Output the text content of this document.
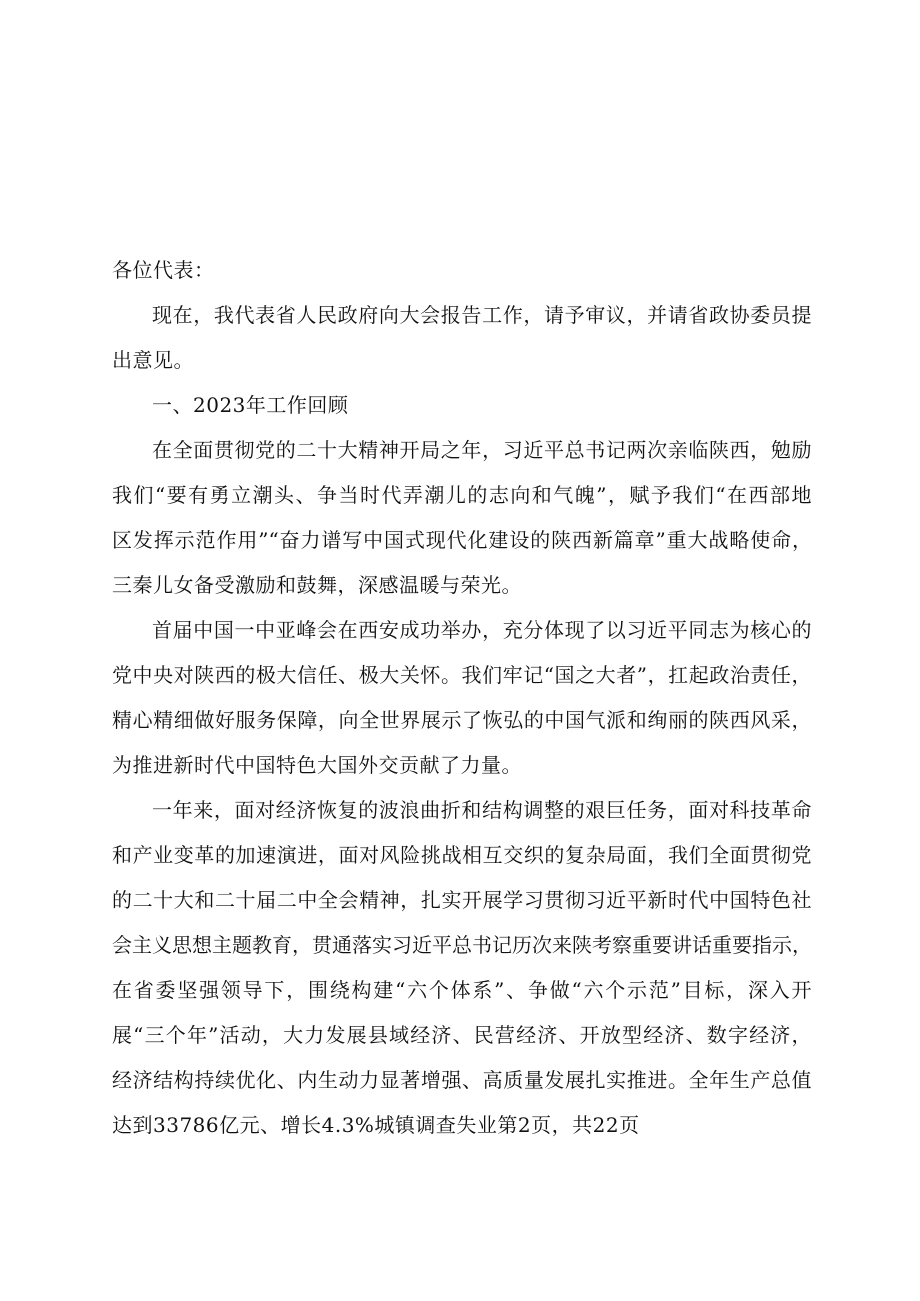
各位代表：
现在，我代表省人民政府向大会报告工作，请予审议，并请省政协委员提
出意见。
一、2023年工作回顾
在全面贯彻党的二十大精神开局之年，习近平总书记两次亲临陕西，勉励
我们“要有勇立潮头、争当时代弄潮儿的志向和气魄”，赋予我们“在西部地
区发挥示范作用”“奋力谱写中国式现代化建设的陕西新篇章”重大战略使命，
三秦儿女备受激励和鼓舞，深感温暖与荣光。
首届中国一中亚峰会在西安成功举办，充分体现了以习近平同志为核心的
党中央对陕西的极大信任、极大关怀。我们牢记“国之大者”，扛起政治责任，
精心精细做好服务保障，向全世界展示了恢弘的中国气派和绚丽的陕西风采，
为推进新时代中国特色大国外交贡献了力量。
一年来，面对经济恢复的波浪曲折和结构调整的艰巨任务，面对科技革命
和产业变革的加速演进，面对风险挑战相互交织的复杂局面，我们全面贯彻党
的二十大和二十届二中全会精神，扎实开展学习贯彻习近平新时代中国特色社
会主义思想主题教育，贯通落实习近平总书记历次来陕考察重要讲话重要指示，
在省委坚强领导下，围绕构建“六个体系”、争做“六个示范”目标，深入开
展“三个年”活动，大力发展县域经济、民营经济、开放型经济、数字经济，
经济结构持续优化、内生动力显著增强、高质量发展扎实推进。全年生产总值
达到33786亿元、增长4.3%城镇调查失业第2页，共22页
